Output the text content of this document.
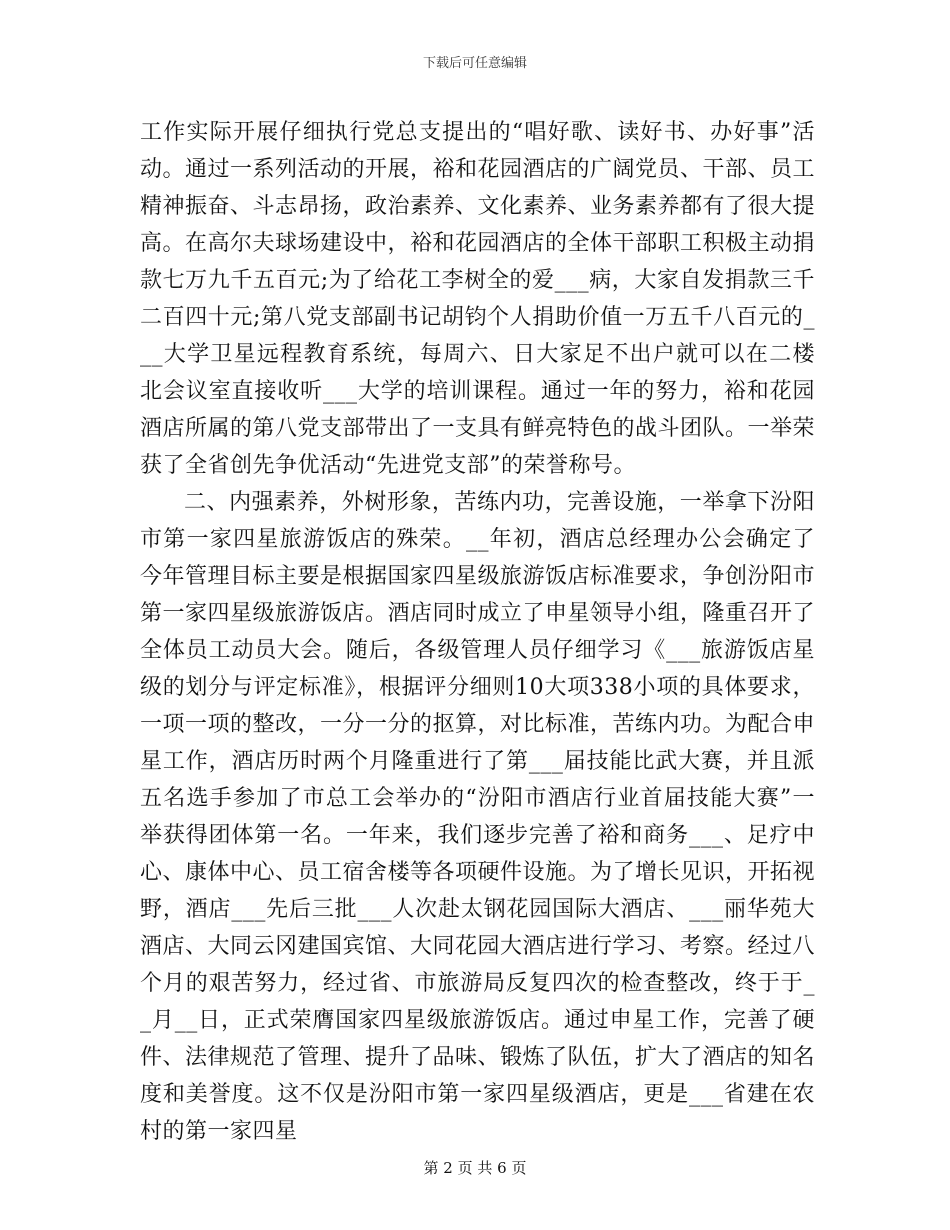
下载后可任意编辑

工作实际开展仔细执行党总支提出的“唱好歌、读好书、办好事”活动。通过一系列活动的开展，裕和花园酒店的广阔党员、干部、员工精神振奋、斗志昂扬，政治素养、文化素养、业务素养都有了很大提高。在高尔夫球场建设中，裕和花园酒店的全体干部职工积极主动捐款七万九千五百元;为了给花工李树全的爱___病，大家自发捐款三千二百四十元;第八党支部副书记胡钧个人捐助价值一万五千八百元的___大学卫星远程教育系统，每周六、日大家足不出户就可以在二楼北会议室直接收听___大学的培训课程。通过一年的努力，裕和花园酒店所属的第八党支部带出了一支具有鲜亮特色的战斗团队。一举荣获了全省创先争优活动“先进党支部”的荣誉称号。

二、内强素养，外树形象，苦练内功，完善设施，一举拿下汾阳市第一家四星旅游饭店的殊荣。__年初，酒店总经理办公会确定了今年管理目标主要是根据国家四星级旅游饭店标准要求，争创汾阳市第一家四星级旅游饭店。酒店同时成立了申星领导小组，隆重召开了全体员工动员大会。随后，各级管理人员仔细学习《___旅游饭店星级的划分与评定标准》，根据评分细则10大项338小项的具体要求，一项一项的整改，一分一分的抠算，对比标准，苦练内功。为配合申星工作，酒店历时两个月隆重进行了第___届技能比武大赛，并且派五名选手参加了市总工会举办的“汾阳市酒店行业首届技能大赛”一举获得团体第一名。一年来，我们逐步完善了裕和商务___、足疗中心、康体中心、员工宿舍楼等各项硬件设施。为了增长见识，开拓视野，酒店___先后三批___人次赴太钢花园国际大酒店、___丽华苑大酒店、大同云冈建国宾馆、大同花园大酒店进行学习、考察。经过八个月的艰苦努力，经过省、市旅游局反复四次的检查整改，终于于__月__日，正式荣膺国家四星级旅游饭店。通过申星工作，完善了硬件、法律规范了管理、提升了品味、锻炼了队伍，扩大了酒店的知名度和美誉度。这不仅是汾阳市第一家四星级酒店，更是___省建在农村的第一家四星

第 2 页 共 6 页
